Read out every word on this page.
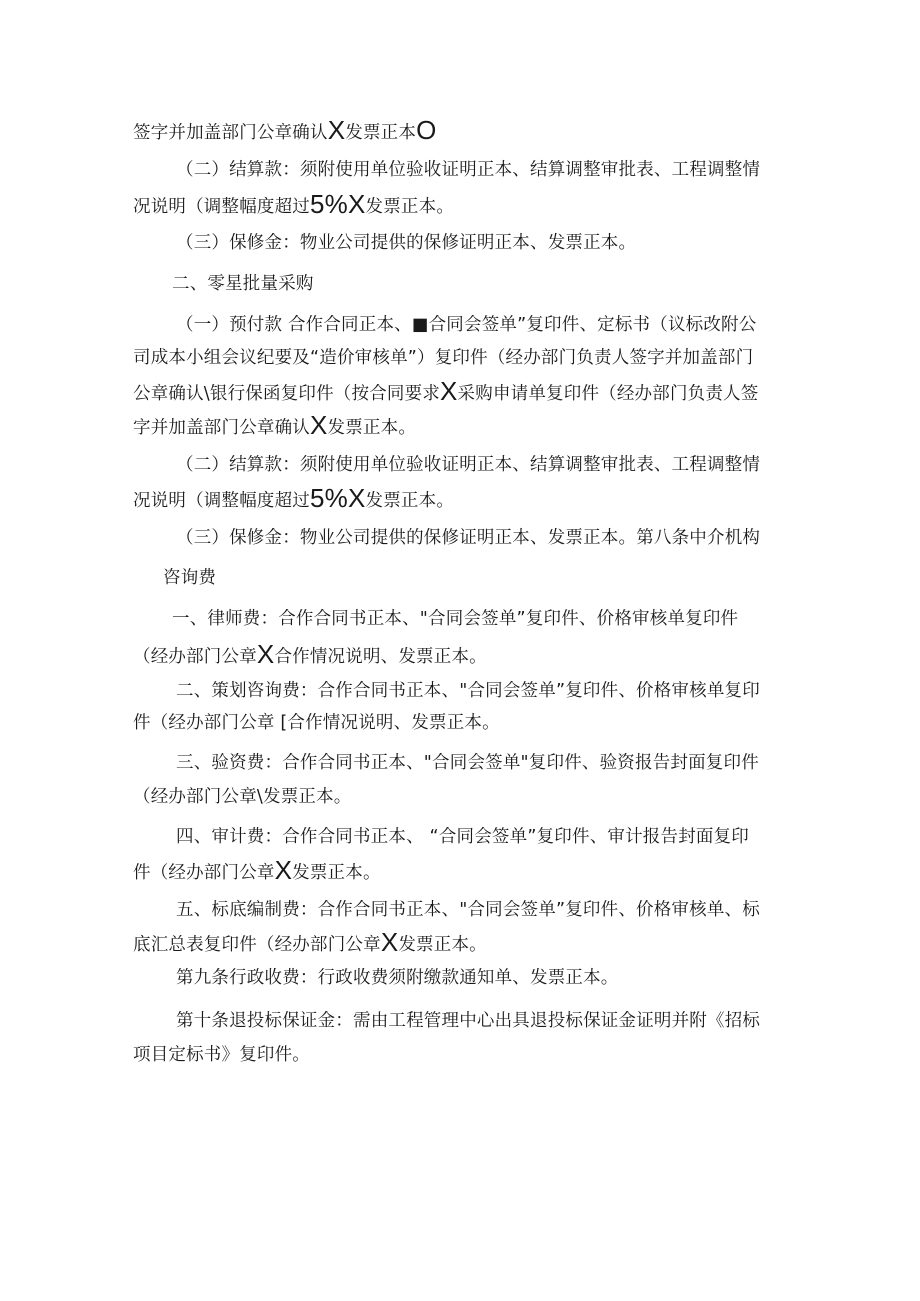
签字并加盖部门公章确认X发票正本O
（二）结算款：须附使用单位验收证明正本、结算调整审批表、工程调整情
况说明（调整幅度超过5%X发票正本。
（三）保修金：物业公司提供的保修证明正本、发票正本。
二、零星批量采购
（一）预付款 合作合同正本、■合同会签单”复印件、定标书（议标改附公
司成本小组会议纪要及“造价审核单”）复印件（经办部门负责人签字并加盖部门
公章确认\银行保函复印件（按合同要求X采购申请单复印件（经办部门负责人签
字并加盖部门公章确认X发票正本。
（二）结算款：须附使用单位验收证明正本、结算调整审批表、工程调整情
况说明（调整幅度超过5%X发票正本。
（三）保修金：物业公司提供的保修证明正本、发票正本。第八条中介机构
咨询费
一、律师费：合作合同书正本、"合同会签单”复印件、价格审核单复印件
（经办部门公章X合作情况说明、发票正本。
二、策划咨询费：合作合同书正本、"合同会签单”复印件、价格审核单复印
件（经办部门公章 [合作情况说明、发票正本。
三、验资费：合作合同书正本、"合同会签单"复印件、验资报告封面复印件
（经办部门公章\发票正本。
四、审计费：合作合同书正本、 “合同会签单”复印件、审计报告封面复印
件（经办部门公章X发票正本。
五、标底编制费：合作合同书正本、"合同会签单”复印件、价格审核单、标
底汇总表复印件（经办部门公章X发票正本。
第九条行政收费：行政收费须附缴款通知单、发票正本。
第十条退投标保证金：需由工程管理中心出具退投标保证金证明并附《招标
项目定标书》复印件。
